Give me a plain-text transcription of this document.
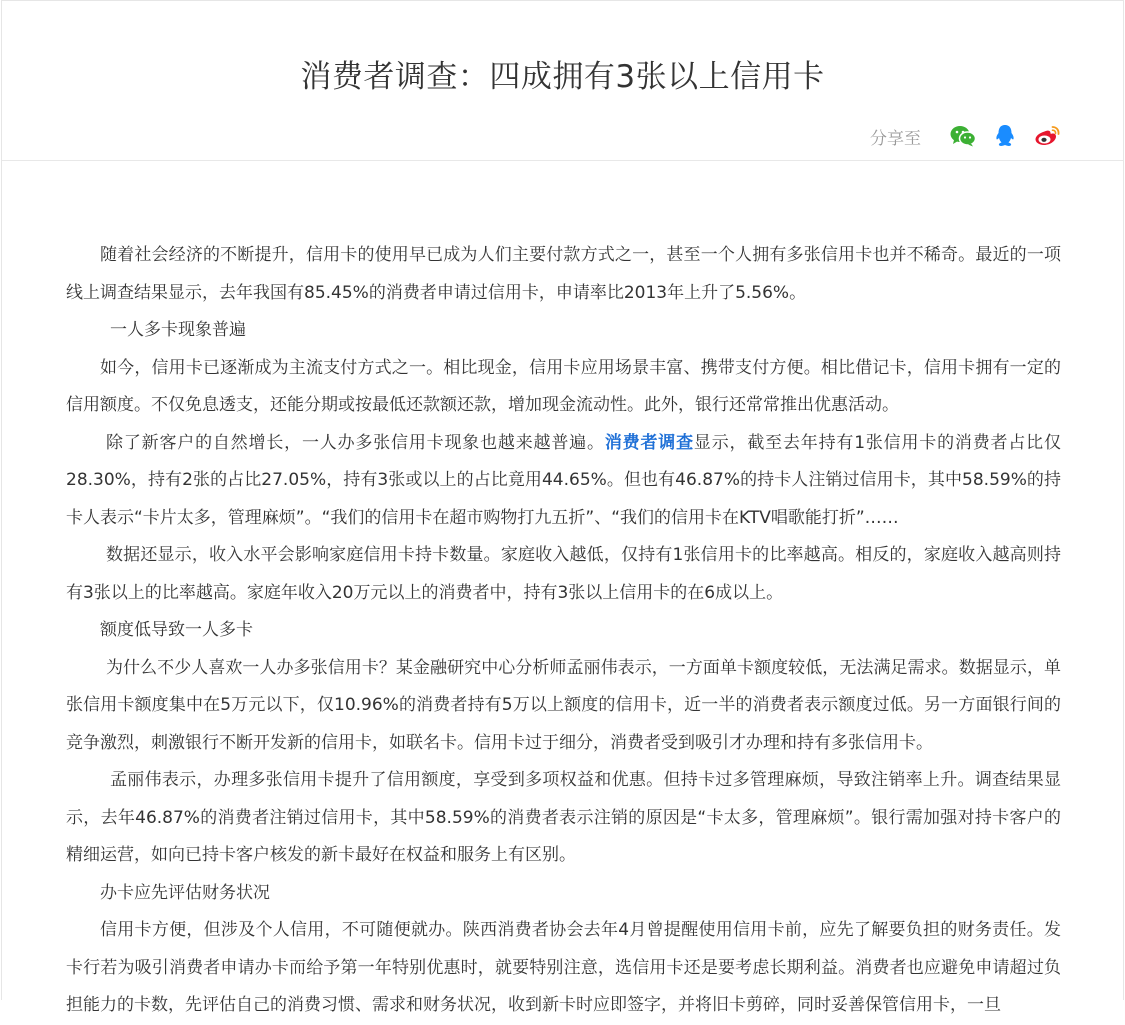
消费者调查：四成拥有3张以上信用卡
分享至

随着社会经济的不断提升，信用卡的使用早已成为人们主要付款方式之一，甚至一个人拥有多张信用卡也并不稀奇。最近的一项线上调查结果显示，去年我国有85.45%的消费者申请过信用卡，申请率比2013年上升了5.56%。

一人多卡现象普遍

如今，信用卡已逐渐成为主流支付方式之一。相比现金，信用卡应用场景丰富、携带支付方便。相比借记卡，信用卡拥有一定的信用额度。不仅免息透支，还能分期或按最低还款额还款，增加现金流动性。此外，银行还常常推出优惠活动。

除了新客户的自然增长，一人办多张信用卡现象也越来越普遍。消费者调查显示，截至去年持有1张信用卡的消费者占比仅28.30%，持有2张的占比27.05%，持有3张或以上的占比竟用44.65%。但也有46.87%的持卡人注销过信用卡，其中58.59%的持卡人表示“卡片太多，管理麻烦”。“我们的信用卡在超市购物打九五折”、“我们的信用卡在KTV唱歌能打折”……

数据还显示，收入水平会影响家庭信用卡持卡数量。家庭收入越低，仅持有1张信用卡的比率越高。相反的，家庭收入越高则持有3张以上的比率越高。家庭年收入20万元以上的消费者中，持有3张以上信用卡的在6成以上。

额度低导致一人多卡

为什么不少人喜欢一人办多张信用卡？某金融研究中心分析师孟丽伟表示，一方面单卡额度较低，无法满足需求。数据显示，单张信用卡额度集中在5万元以下，仅10.96%的消费者持有5万以上额度的信用卡，近一半的消费者表示额度过低。另一方面银行间的竞争激烈，刺激银行不断开发新的信用卡，如联名卡。信用卡过于细分，消费者受到吸引才办理和持有多张信用卡。

孟丽伟表示，办理多张信用卡提升了信用额度，享受到多项权益和优惠。但持卡过多管理麻烦，导致注销率上升。调查结果显示，去年46.87%的消费者注销过信用卡，其中58.59%的消费者表示注销的原因是“卡太多，管理麻烦”。银行需加强对持卡客户的精细运营，如向已持卡客户核发的新卡最好在权益和服务上有区别。

办卡应先评估财务状况

信用卡方便，但涉及个人信用，不可随便就办。陕西消费者协会去年4月曾提醒使用信用卡前，应先了解要负担的财务责任。发卡行若为吸引消费者申请办卡而给予第一年特别优惠时，就要特别注意，选信用卡还是要考虑长期利益。消费者也应避免申请超过负担能力的卡数，先评估自己的消费习惯、需求和财务状况，收到新卡时应即签字，并将旧卡剪碎，同时妥善保管信用卡，一旦
